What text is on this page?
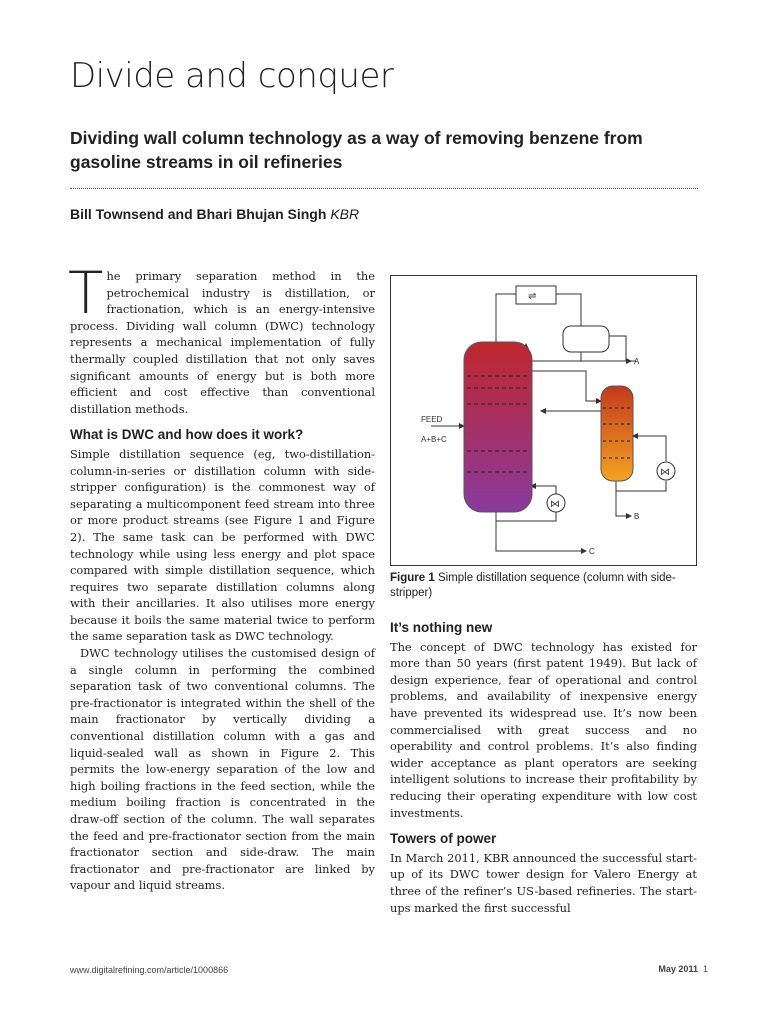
Divide and conquer
Dividing wall column technology as a way of removing benzene from gasoline streams in oil refineries
Bill Townsend and Bhari Bhujan Singh KBR

The primary separation method in the petrochemical industry is distillation, or fractionation, which is an energy-intensive process. Dividing wall column (DWC) technology represents a mechanical implementation of fully thermally coupled distillation that not only saves significant amounts of energy but is both more efficient and cost effective than conventional distillation methods.

What is DWC and how does it work?

Simple distillation sequence (eg, two-distillation-column-in-series or distillation column with side-stripper configuration) is the commonest way of separating a multicomponent feed stream into three or more product streams (see Figure 1 and Figure 2). The same task can be performed with DWC technology while using less energy and plot space compared with simple distillation sequence, which requires two separate distillation columns along with their ancillaries. It also utilises more energy because it boils the same material twice to perform the same separation task as DWC technology.

DWC technology utilises the customised design of a single column in performing the combined separation task of two conventional columns. The pre-fractionator is integrated within the shell of the main fractionator by vertically dividing a conventional distillation column with a gas and liquid-sealed wall as shown in Figure 2. This permits the low-energy separation of the low and high boiling fractions in the feed section, while the medium boiling fraction is concentrated in the draw-off section of the column. The wall separates the feed and pre-fractionator section from the main fractionator section and side-draw. The main fractionator and pre-fractionator are linked by vapour and liquid streams.

⇌
⋈
⋈
FEED
A+B+C
A
B
C
Figure 1 Simple distillation sequence (column with side-stripper)
It’s nothing new

The concept of DWC technology has existed for more than 50 years (first patent 1949). But lack of design experience, fear of operational and control problems, and availability of inexpensive energy have prevented its widespread use. It’s now been commercialised with great success and no operability and control problems. It’s also finding wider acceptance as plant operators are seeking intelligent solutions to increase their profitability by reducing their operating expenditure with low cost investments.

Towers of power

In March 2011, KBR announced the successful start-up of its DWC tower design for Valero Energy at three of the refiner’s US-based refineries. The start-ups marked the first successful

www.digitalrefining.com/article/1000866	May 2011 1
